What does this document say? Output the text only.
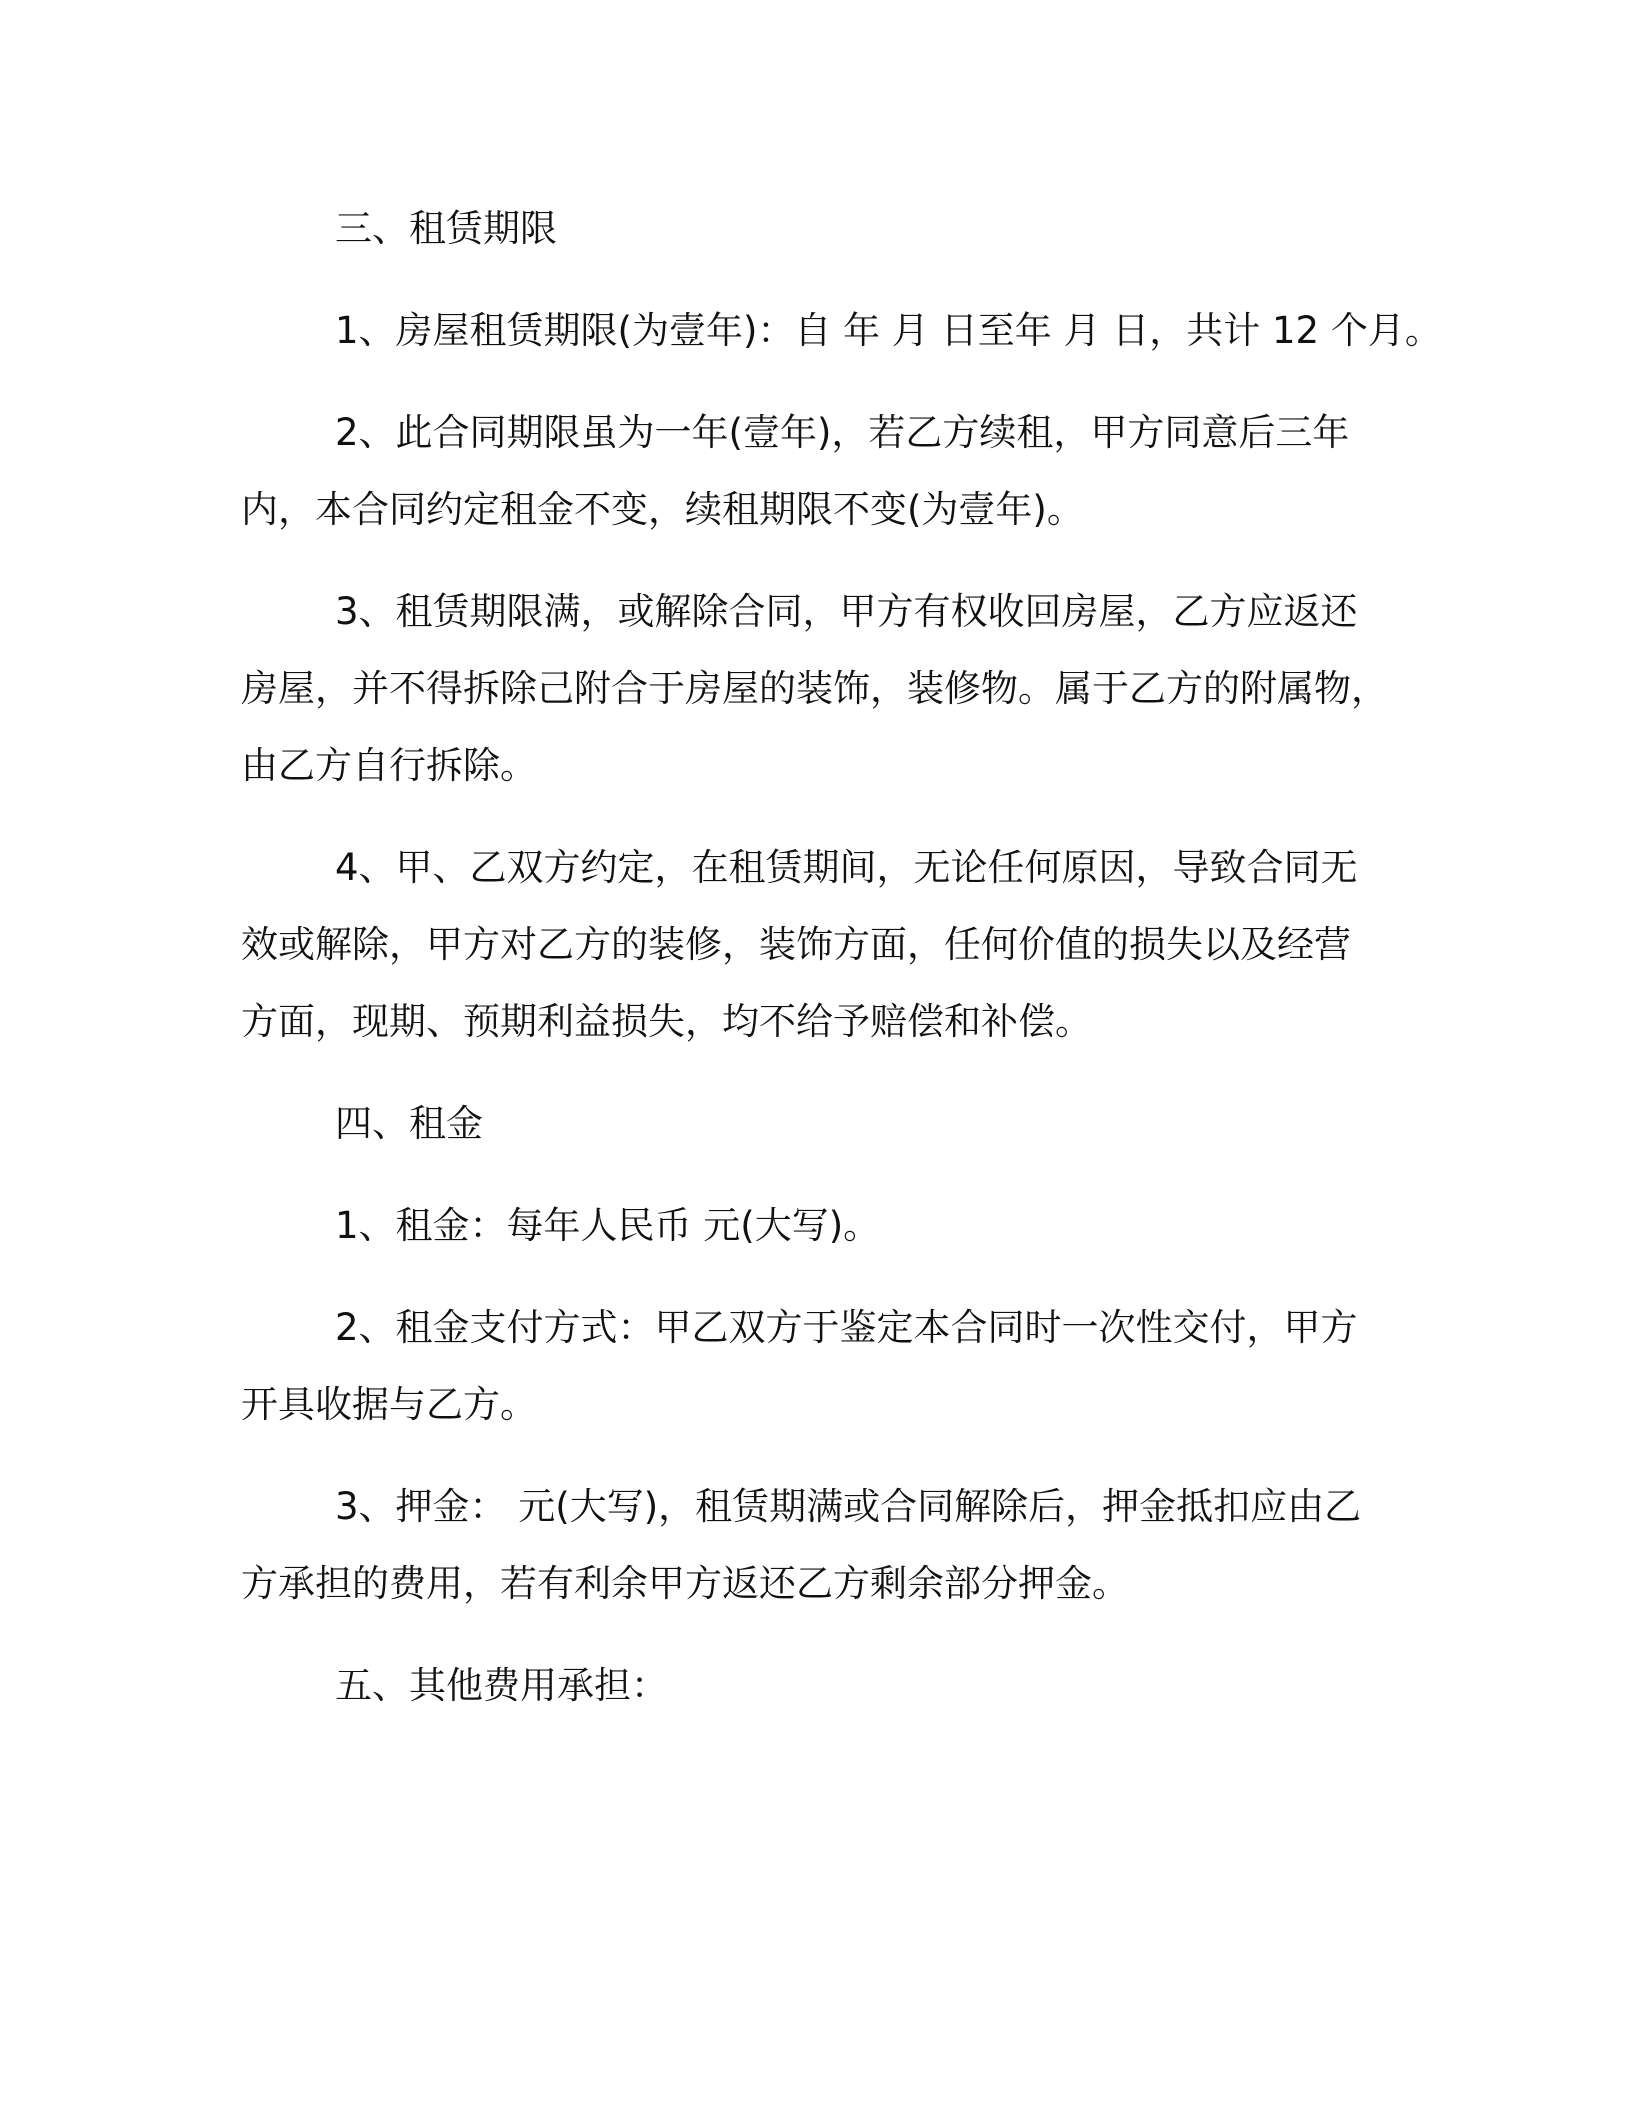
三、租赁期限

1、房屋租赁期限(为壹年)：自 年 月 日至年 月 日，共计 12 个月。

2、此合同期限虽为一年(壹年)，若乙方续租，甲方同意后三年
内，本合同约定租金不变，续租期限不变(为壹年)。

3、租赁期限满，或解除合同，甲方有权收回房屋，乙方应返还
房屋，并不得拆除己附合于房屋的装饰，装修物。属于乙方的附属物，
由乙方自行拆除。

4、甲、乙双方约定，在租赁期间，无论任何原因，导致合同无
效或解除，甲方对乙方的装修，装饰方面，任何价值的损失以及经营
方面，现期、预期利益损失，均不给予赔偿和补偿。

四、租金

1、租金：每年人民币 元(大写)。

2、租金支付方式：甲乙双方于鉴定本合同时一次性交付，甲方
开具收据与乙方。

3、押金： 元(大写)，租赁期满或合同解除后，押金抵扣应由乙
方承担的费用，若有利余甲方返还乙方剩余部分押金。

五、其他费用承担：
